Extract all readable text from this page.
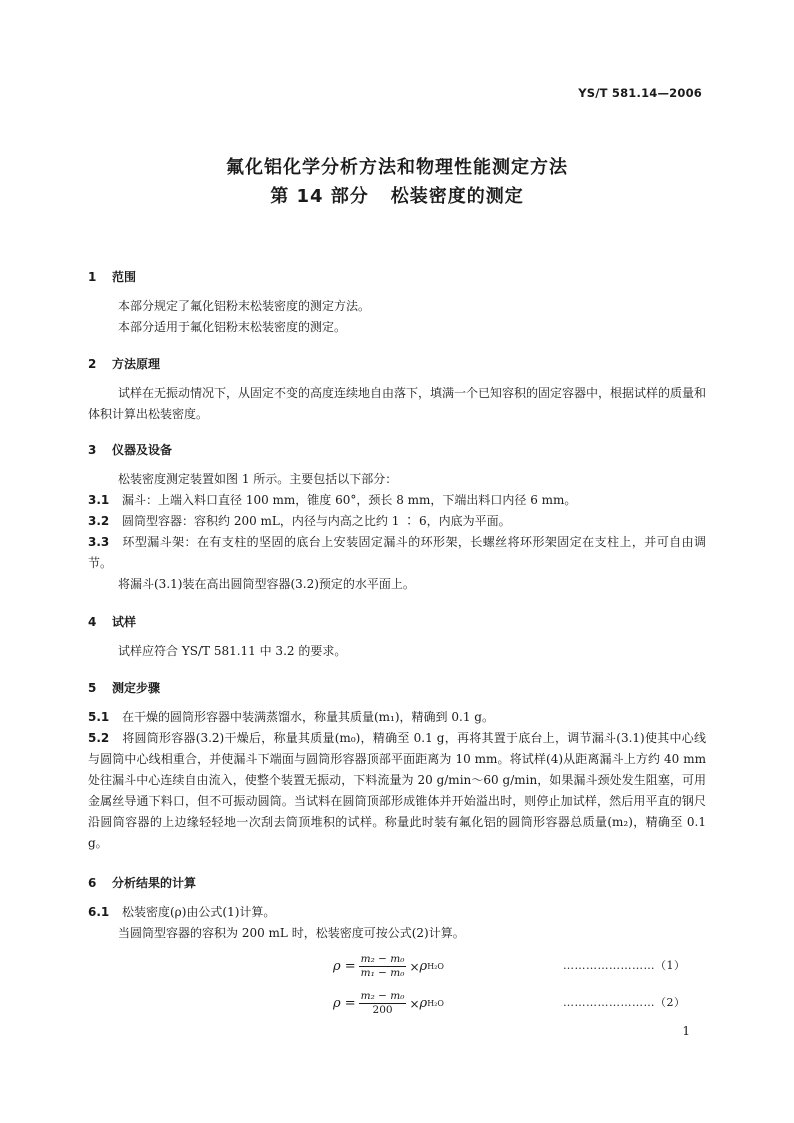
YS/T 581.14—2006
氟化铝化学分析方法和物理性能测定方法
第 14 部分 松装密度的测定
1 范围
本部分规定了氟化铝粉末松装密度的测定方法。
本部分适用于氟化铝粉末松装密度的测定。
2 方法原理
试样在无振动情况下，从固定不变的高度连续地自由落下，填满一个已知容积的固定容器中，根据试样的质量和体积计算出松装密度。
3 仪器及设备
松装密度测定装置如图 1 所示。主要包括以下部分：
3.1 漏斗：上端入料口直径 100 mm，锥度 60°，颈长 8 mm，下端出料口内径 6 mm。
3.2 圆筒型容器：容积约 200 mL，内径与内高之比约 1 ∶ 6，内底为平面。
3.3 环型漏斗架：在有支柱的坚固的底台上安装固定漏斗的环形架，长螺丝将环形架固定在支柱上，并可自由调节。
将漏斗(3.1)装在高出圆筒型容器(3.2)预定的水平面上。
4 试样
试样应符合 YS/T 581.11 中 3.2 的要求。
5 测定步骤
5.1 在干燥的圆筒形容器中装满蒸馏水，称量其质量(m₁)，精确到 0.1 g。
5.2 将圆筒形容器(3.2)干燥后，称量其质量(m₀)，精确至 0.1 g，再将其置于底台上，调节漏斗(3.1)使其中心线与圆筒中心线相重合，并使漏斗下端面与圆筒形容器顶部平面距离为 10 mm。将试样(4)从距离漏斗上方约 40 mm 处往漏斗中心连续自由流入，使整个装置无振动，下料流量为 20 g/min～60 g/min，如果漏斗颈处发生阻塞，可用金属丝导通下料口，但不可振动圆筒。当试料在圆筒顶部形成锥体并开始溢出时，则停止加试样，然后用平直的钢尺沿圆筒容器的上边缘轻轻地一次刮去筒顶堆积的试样。称量此时装有氟化铝的圆筒形容器总质量(m₂)，精确至 0.1 g。
6 分析结果的计算
6.1 松装密度(ρ)由公式(1)计算。
当圆筒型容器的容积为 200 mL 时，松装密度可按公式(2)计算。
$\rho = \frac{\text{m₂ − m₀}}{\text{m₁ − m₀}} \times \rho$ H₂O	……………………（1）
$\rho = \frac{\text{m₂ − m₀}}{200} \times \rho$ H₂O	……………………（2）
1
